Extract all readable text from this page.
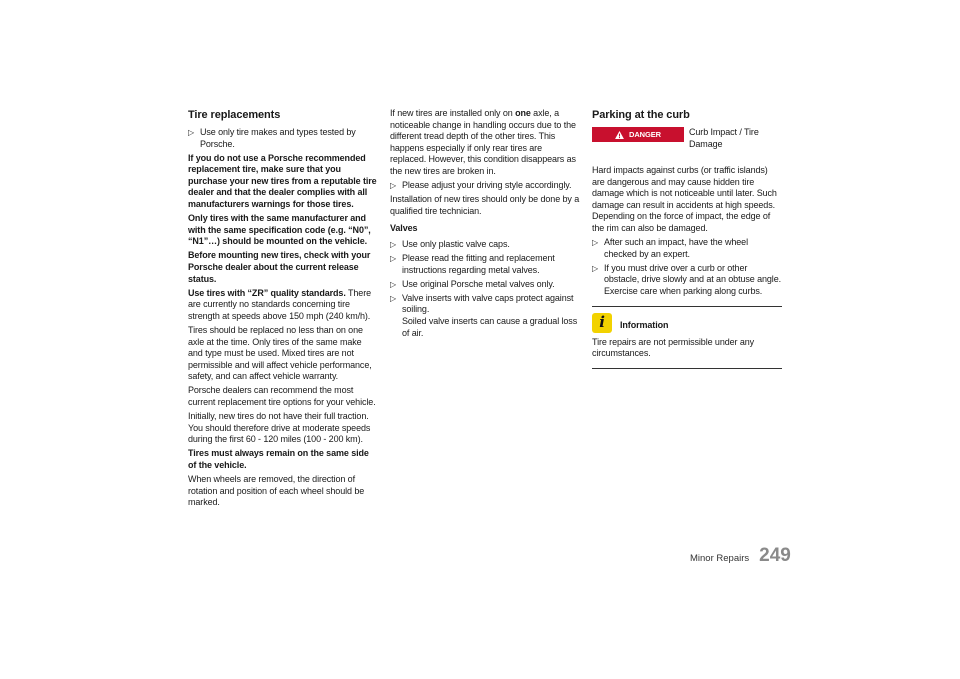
Tire replacements
▷ Use only tire makes and types tested by Porsche.

If you do not use a Porsche recommended replacement tire, make sure that you purchase your new tires from a reputable tire dealer and that the dealer complies with all manufacturers warnings for those tires.

Only tires with the same manufacturer and with the same specification code (e.g. “N0”, “N1”…) should be mounted on the vehicle.

Before mounting new tires, check with your Porsche dealer about the current release status.

Use tires with “ZR” quality standards. There are currently no standards concerning tire strength at speeds above 150 mph (240 km/h).

Tires should be replaced no less than on one axle at the time. Only tires of the same make and type must be used. Mixed tires are not permissible and will affect vehicle performance, safety, and can affect vehicle warranty.

Porsche dealers can recommend the most current replacement tire options for your vehicle.

Initially, new tires do not have their full traction. You should therefore drive at moderate speeds during the first 60 - 120 miles (100 - 200 km).

Tires must always remain on the same side of the vehicle.

When wheels are removed, the direction of rotation and position of each wheel should be marked.

If new tires are installed only on one axle, a noticeable change in handling occurs due to the different tread depth of the other tires. This happens especially if only rear tires are replaced. However, this condition disappears as the new tires are broken in.

▷ Please adjust your driving style accordingly.

Installation of new tires should only be done by a qualified tire technician.

Valves
▷ Use only plastic valve caps.
▷ Please read the fitting and replacement instructions regarding metal valves.
▷ Use original Porsche metal valves only.
▷ Valve inserts with valve caps protect against soiling.
Soiled valve inserts can cause a gradual loss of air.
Parking at the curb
DANGER	Curb Impact / Tire Damage

Hard impacts against curbs (or traffic islands) are dangerous and may cause hidden tire damage which is not noticeable until later. Such damage can result in accidents at high speeds. Depending on the force of impact, the edge of the rim can also be damaged.

▷ After such an impact, have the wheel checked by an expert.
▷ If you must drive over a curb or other obstacle, drive slowly and at an obtuse angle.
Exercise care when parking along curbs.
i Information

Tire repairs are not permissible under any circumstances.

Minor Repairs 249
